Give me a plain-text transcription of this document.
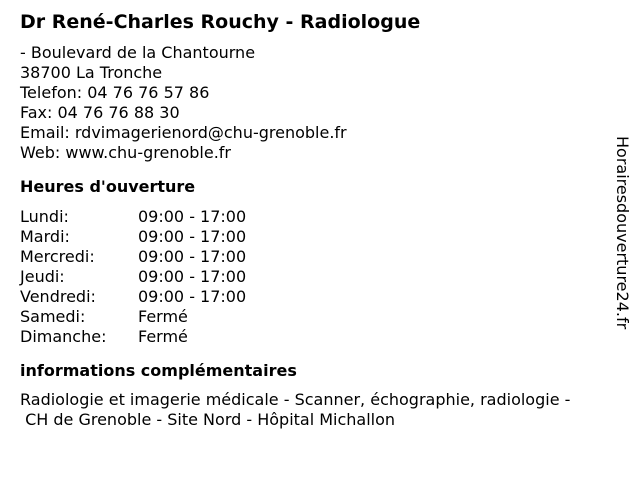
Dr René-Charles Rouchy - Radiologue
- Boulevard de la Chantourne
38700 La Tronche
Telefon: 04 76 76 57 86
Fax: 04 76 76 88 30
Email: rdvimagerienord@chu-grenoble.fr
Web: www.chu-grenoble.fr
Heures d'ouverture
Lundi:	09:00 - 17:00
Mardi:	09:00 - 17:00
Mercredi:	09:00 - 17:00
Jeudi:	09:00 - 17:00
Vendredi:	09:00 - 17:00
Samedi:	Fermé
Dimanche: Fermé
informations complémentaires
Radiologie et imagerie médicale - Scanner, échographie, radiologie -
CH de Grenoble - Site Nord - Hôpital Michallon
Horairesdouverture24.fr
